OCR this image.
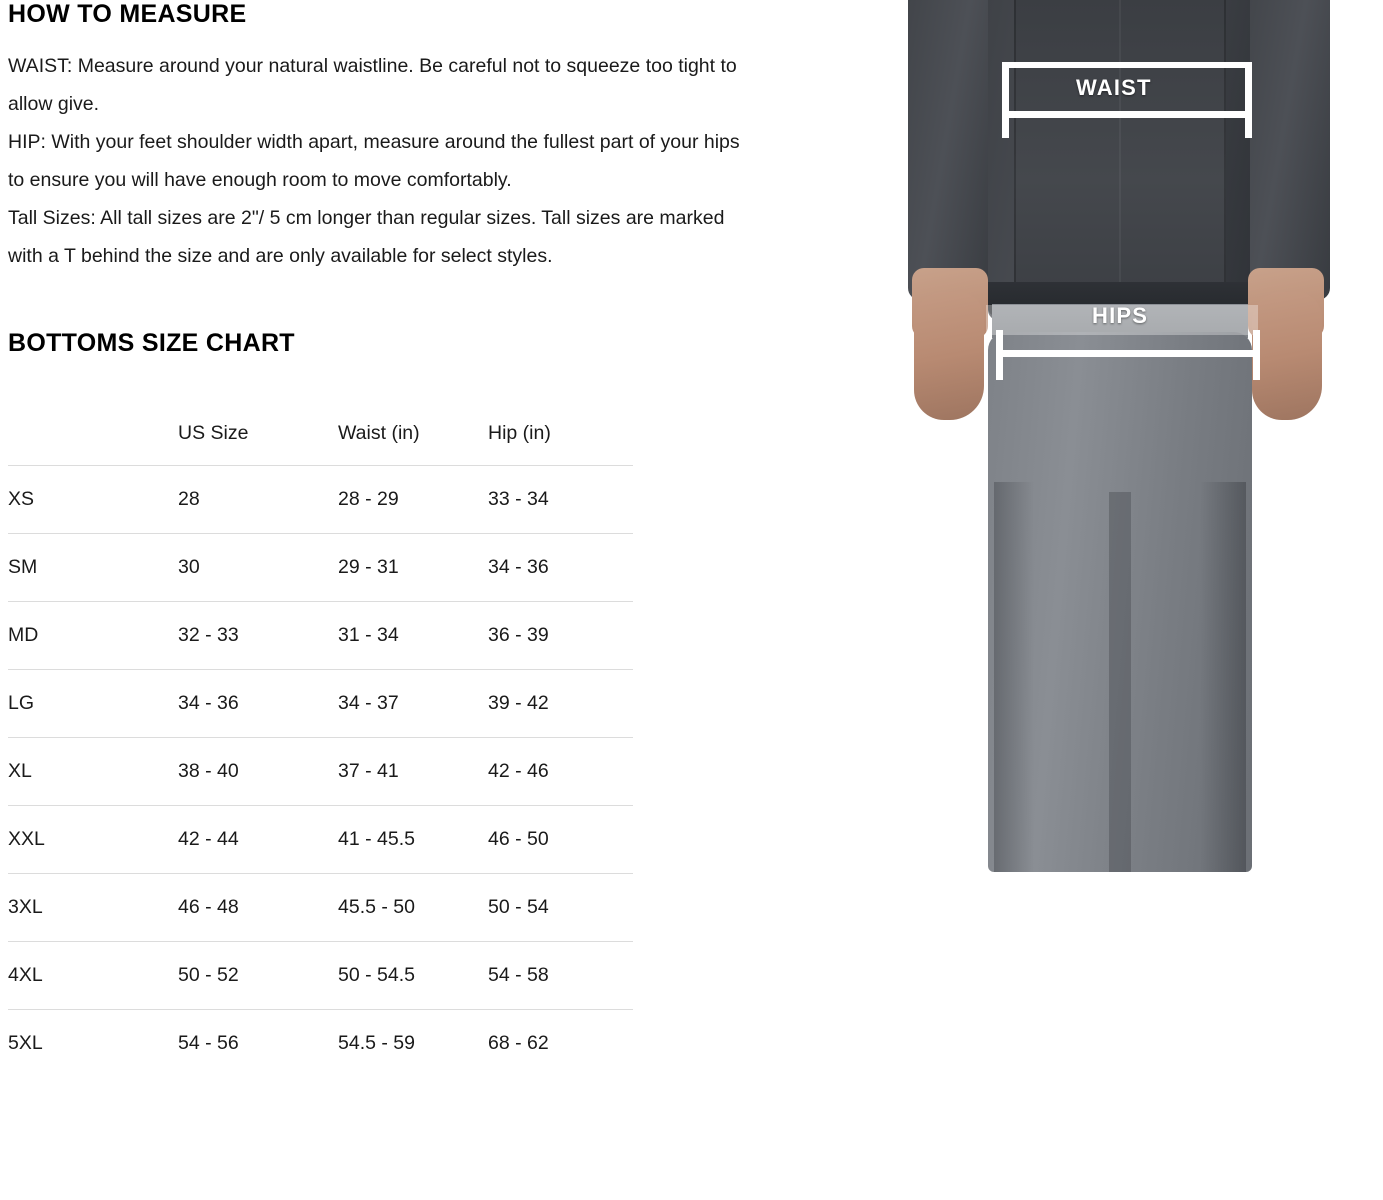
HOW TO MEASURE

WAIST: Measure around your natural waistline. Be careful not to squeeze too tight to allow give.

HIP: With your feet shoulder width apart, measure around the fullest part of your hips to ensure you will have enough room to move comfortably.

Tall Sizes: All tall sizes are 2"/ 5 cm longer than regular sizes. Tall sizes are marked with a T behind the size and are only available for select styles.

BOTTOMS SIZE CHART
	US Size	Waist (in)	Hip (in)
XS	28	28 - 29	33 - 34
SM	30	29 - 31	34 - 36
MD	32 - 33	31 - 34	36 - 39
LG	34 - 36	34 - 37	39 - 42
XL	38 - 40	37 - 41	42 - 46
XXL	42 - 44	41 - 45.5	46 - 50
3XL	46 - 48	45.5 - 50	50 - 54
4XL	50 - 52	50 - 54.5	54 - 58
5XL	54 - 56	54.5 - 59	68 - 62
WAIST
HIPS
